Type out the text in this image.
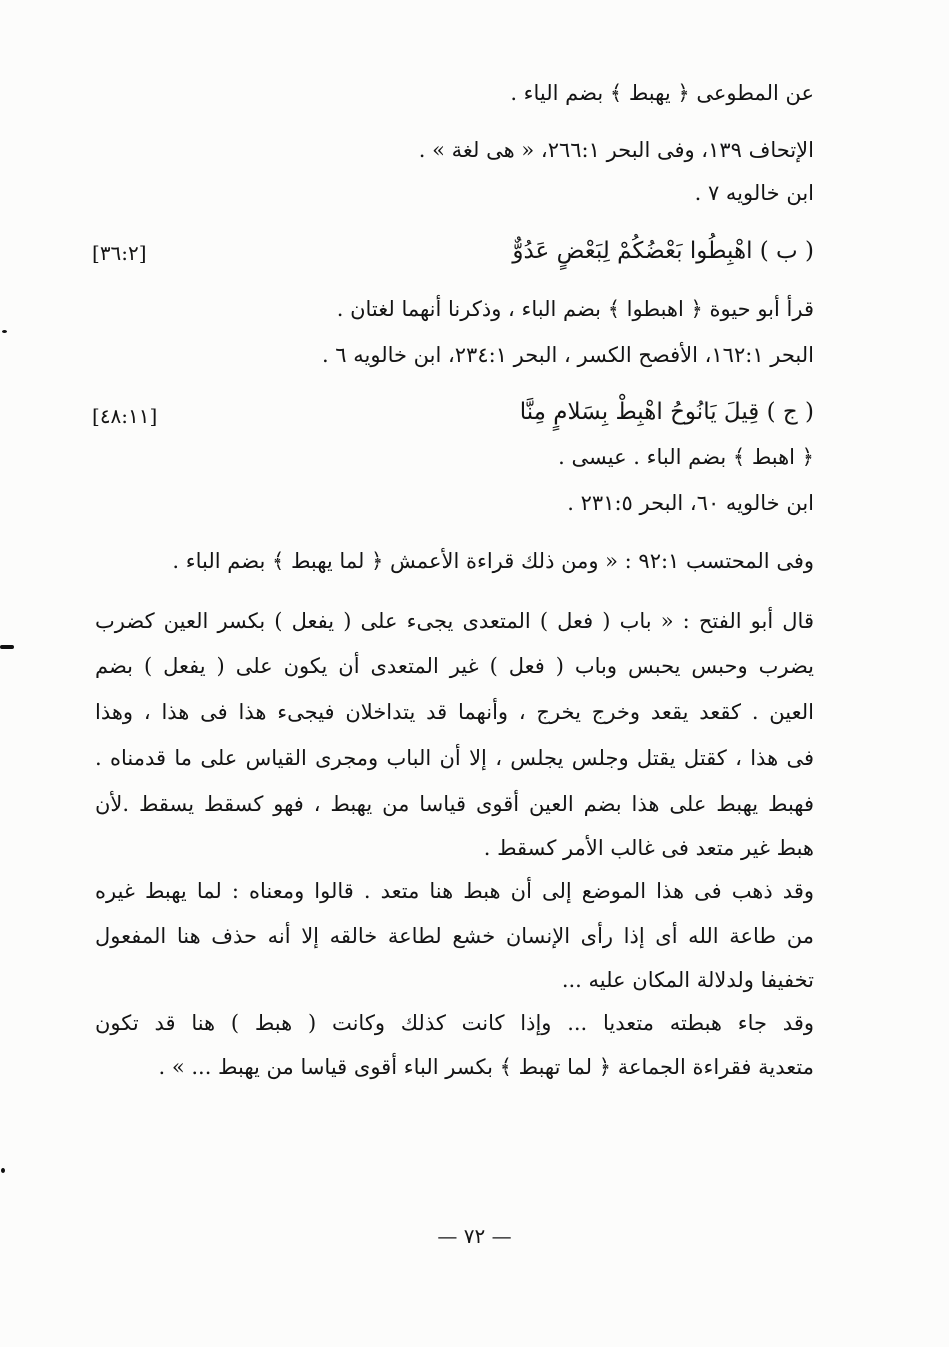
عن المطوعى ﴿ يهبط ﴾ بضم الياء .
الإتحاف ١٣٩، وفى البحر ٢٦٦:١، « هى لغة » .
ابن خالويه ٧ .
( ب ) اهْبِطُوا بَعْضُكُمْ لِبَعْضٍ عَدُوٌّ
[٣٦:٢]
قرأ أبو حيوة ﴿ اهبطوا ﴾ بضم الباء ، وذكرنا أنهما لغتان .
البحر ١٦٢:١، الأفصح الكسر ، البحر ٢٣٤:١، ابن خالويه ٦ .
( ج ) قِيلَ يَانُوحُ اهْبِطْ بِسَلامٍ مِنَّا
[٤٨:١١]
﴿ اهبط ﴾ بضم الباء . عيسى .
ابن خالويه ٦٠، البحر ٢٣١:٥ .
وفى المحتسب ٩٢:١ : « ومن ذلك قراءة الأعمش ﴿ لما يهبط ﴾ بضم الباء .
قال أبو الفتح : « باب ( فعل ) المتعدى يجىء على ( يفعل ) بكسر العين كضرب
يضرب وحبس يحبس وباب ( فعل ) غير المتعدى أن يكون على ( يفعل ) بضم
العين . كقعد يقعد وخرج يخرج ، وأنهما قد يتداخلان فيجىء هذا فى هذا ، وهذا
فى هذا ، كقتل يقتل وجلس يجلس ، إلا أن الباب ومجرى القياس على ما قدمناه .
فهبط يهبط على هذا بضم العين أقوى قياسا من يهبط ، فهو كسقط يسقط .لأن
هبط غير متعد فى غالب الأمر كسقط .
وقد ذهب فى هذا الموضع إلى أن هبط هنا متعد . قالوا ومعناه : لما يهبط غيره
من طاعة الله أى إذا رأى الإنسان خشع لطاعة خالقه إلا أنه حذف هنا المفعول
تخفيفا ولدلالة المكان عليه ...
وقد جاء هبطته متعديا ... وإذا كانت كذلك وكانت ( هبط ) هنا قد تكون
متعدية فقراءة الجماعة ﴿ لما تهبط ﴾ بكسر الباء أقوى قياسا من يهبط ... » .
— ٧٢ —
